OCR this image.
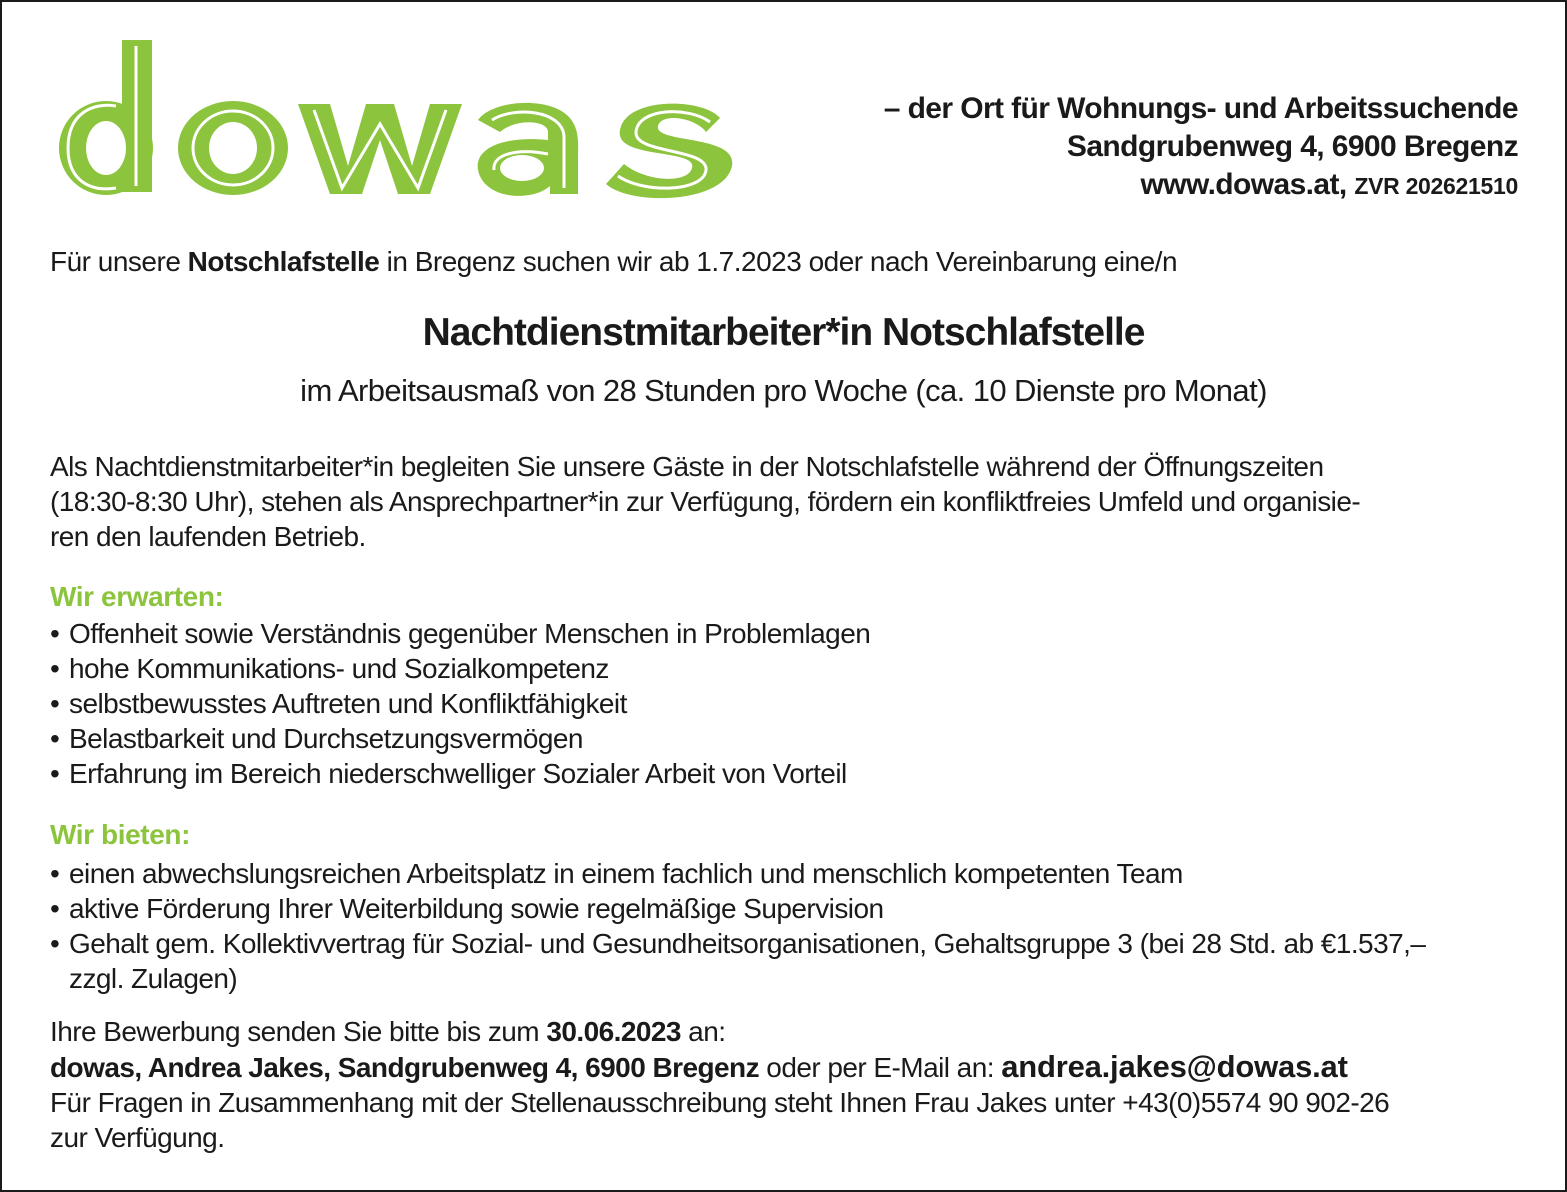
– der Ort für Wohnungs- und Arbeitssuchende
Sandgrubenweg 4, 6900 Bregenz
www.dowas.at, ZVR 202621510
Für unsere Notschlafstelle in Bregenz suchen wir ab 1.7.2023 oder nach Vereinbarung eine/n
Nachtdienstmitarbeiter*in Notschlafstelle
im Arbeitsausmaß von 28 Stunden pro Woche (ca. 10 Dienste pro Monat)
Als Nachtdienstmitarbeiter*in begleiten Sie unsere Gäste in der Notschlafstelle während der Öffnungszeiten
(18:30-8:30 Uhr), stehen als Ansprechpartner*in zur Verfügung, fördern ein konfliktfreies Umfeld und organisie-
ren den laufenden Betrieb.
Wir erwarten:
• Offenheit sowie Verständnis gegenüber Menschen in Problemlagen
• hohe Kommunikations- und Sozialkompetenz
• selbstbewusstes Auftreten und Konfliktfähigkeit
• Belastbarkeit und Durchsetzungsvermögen
• Erfahrung im Bereich niederschwelliger Sozialer Arbeit von Vorteil
Wir bieten:
• einen abwechslungsreichen Arbeitsplatz in einem fachlich und menschlich kompetenten Team
• aktive Förderung Ihrer Weiterbildung sowie regelmäßige Supervision
• Gehalt gem. Kollektivvertrag für Sozial- und Gesundheitsorganisationen, Gehaltsgruppe 3 (bei 28 Std. ab €1.537,–
zzgl. Zulagen)
Ihre Bewerbung senden Sie bitte bis zum 30.06.2023 an:
dowas, Andrea Jakes, Sandgrubenweg 4, 6900 Bregenz oder per E-Mail an: andrea.jakes@dowas.at
Für Fragen in Zusammenhang mit der Stellenausschreibung steht Ihnen Frau Jakes unter +43(0)5574 90 902-26
zur Verfügung.
